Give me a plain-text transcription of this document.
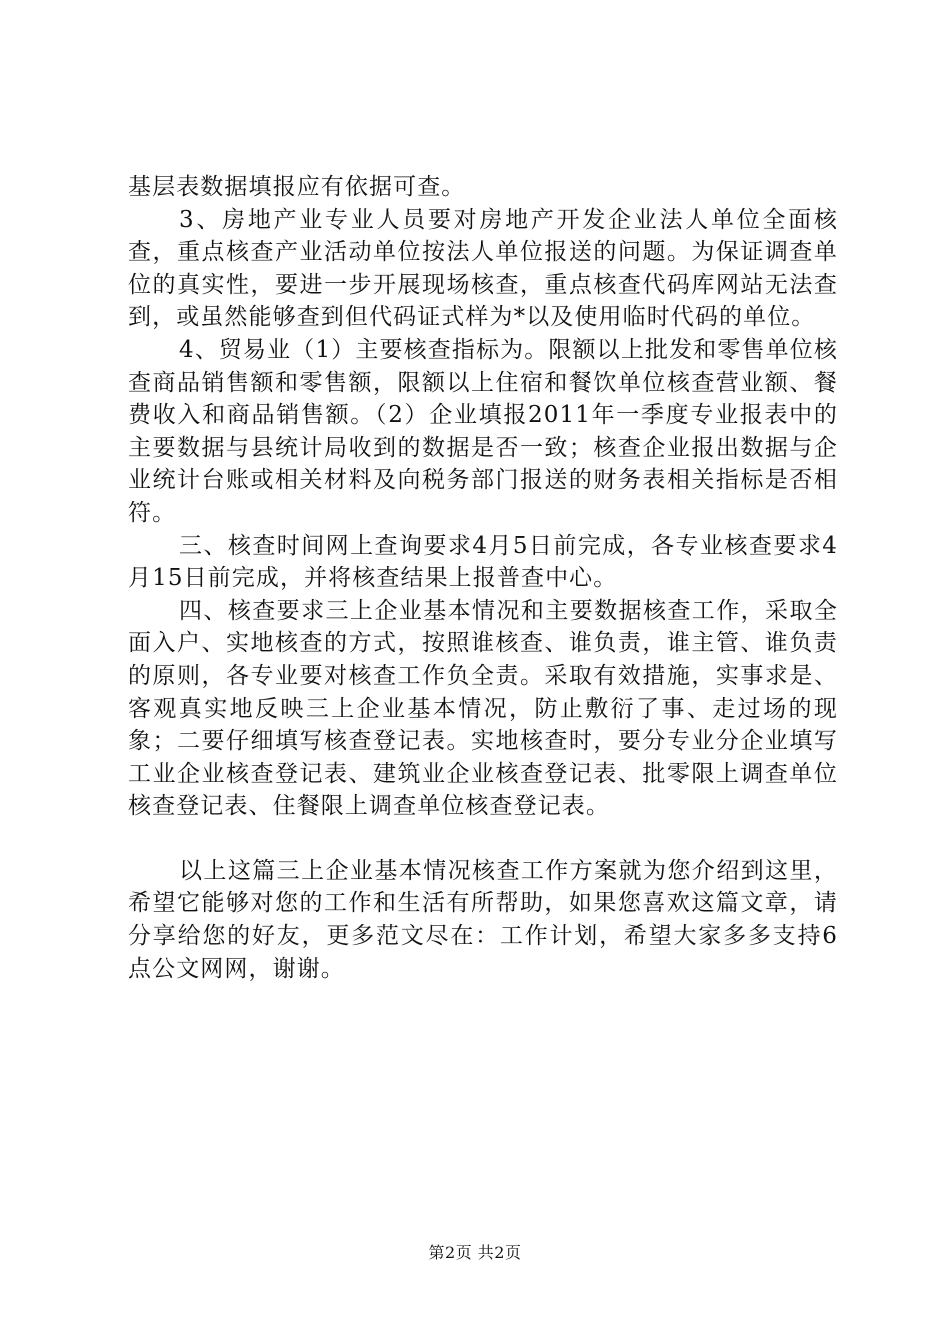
基层表数据填报应有依据可查。

3、房地产业专业人员要对房地产开发企业法人单位全面核查，重点核查产业活动单位按法人单位报送的问题。为保证调查单位的真实性，要进一步开展现场核查，重点核查代码库网站无法查到，或虽然能够查到但代码证式样为*以及使用临时代码的单位。

4、贸易业（1）主要核查指标为。限额以上批发和零售单位核查商品销售额和零售额，限额以上住宿和餐饮单位核查营业额、餐费收入和商品销售额。（2）企业填报2011年一季度专业报表中的主要数据与县统计局收到的数据是否一致；核查企业报出数据与企业统计台账或相关材料及向税务部门报送的财务表相关指标是否相符。

三、核查时间网上查询要求4月5日前完成，各专业核查要求4月15日前完成，并将核查结果上报普查中心。

四、核查要求三上企业基本情况和主要数据核查工作，采取全面入户、实地核查的方式，按照谁核查、谁负责，谁主管、谁负责的原则，各专业要对核查工作负全责。采取有效措施，实事求是、客观真实地反映三上企业基本情况，防止敷衍了事、走过场的现象；二要仔细填写核查登记表。实地核查时，要分专业分企业填写工业企业核查登记表、建筑业企业核查登记表、批零限上调查单位核查登记表、住餐限上调查单位核查登记表。

以上这篇三上企业基本情况核查工作方案就为您介绍到这里，希望它能够对您的工作和生活有所帮助，如果您喜欢这篇文章，请分享给您的好友，更多范文尽在：工作计划，希望大家多多支持6点公文网网，谢谢。

第2页 共2页
